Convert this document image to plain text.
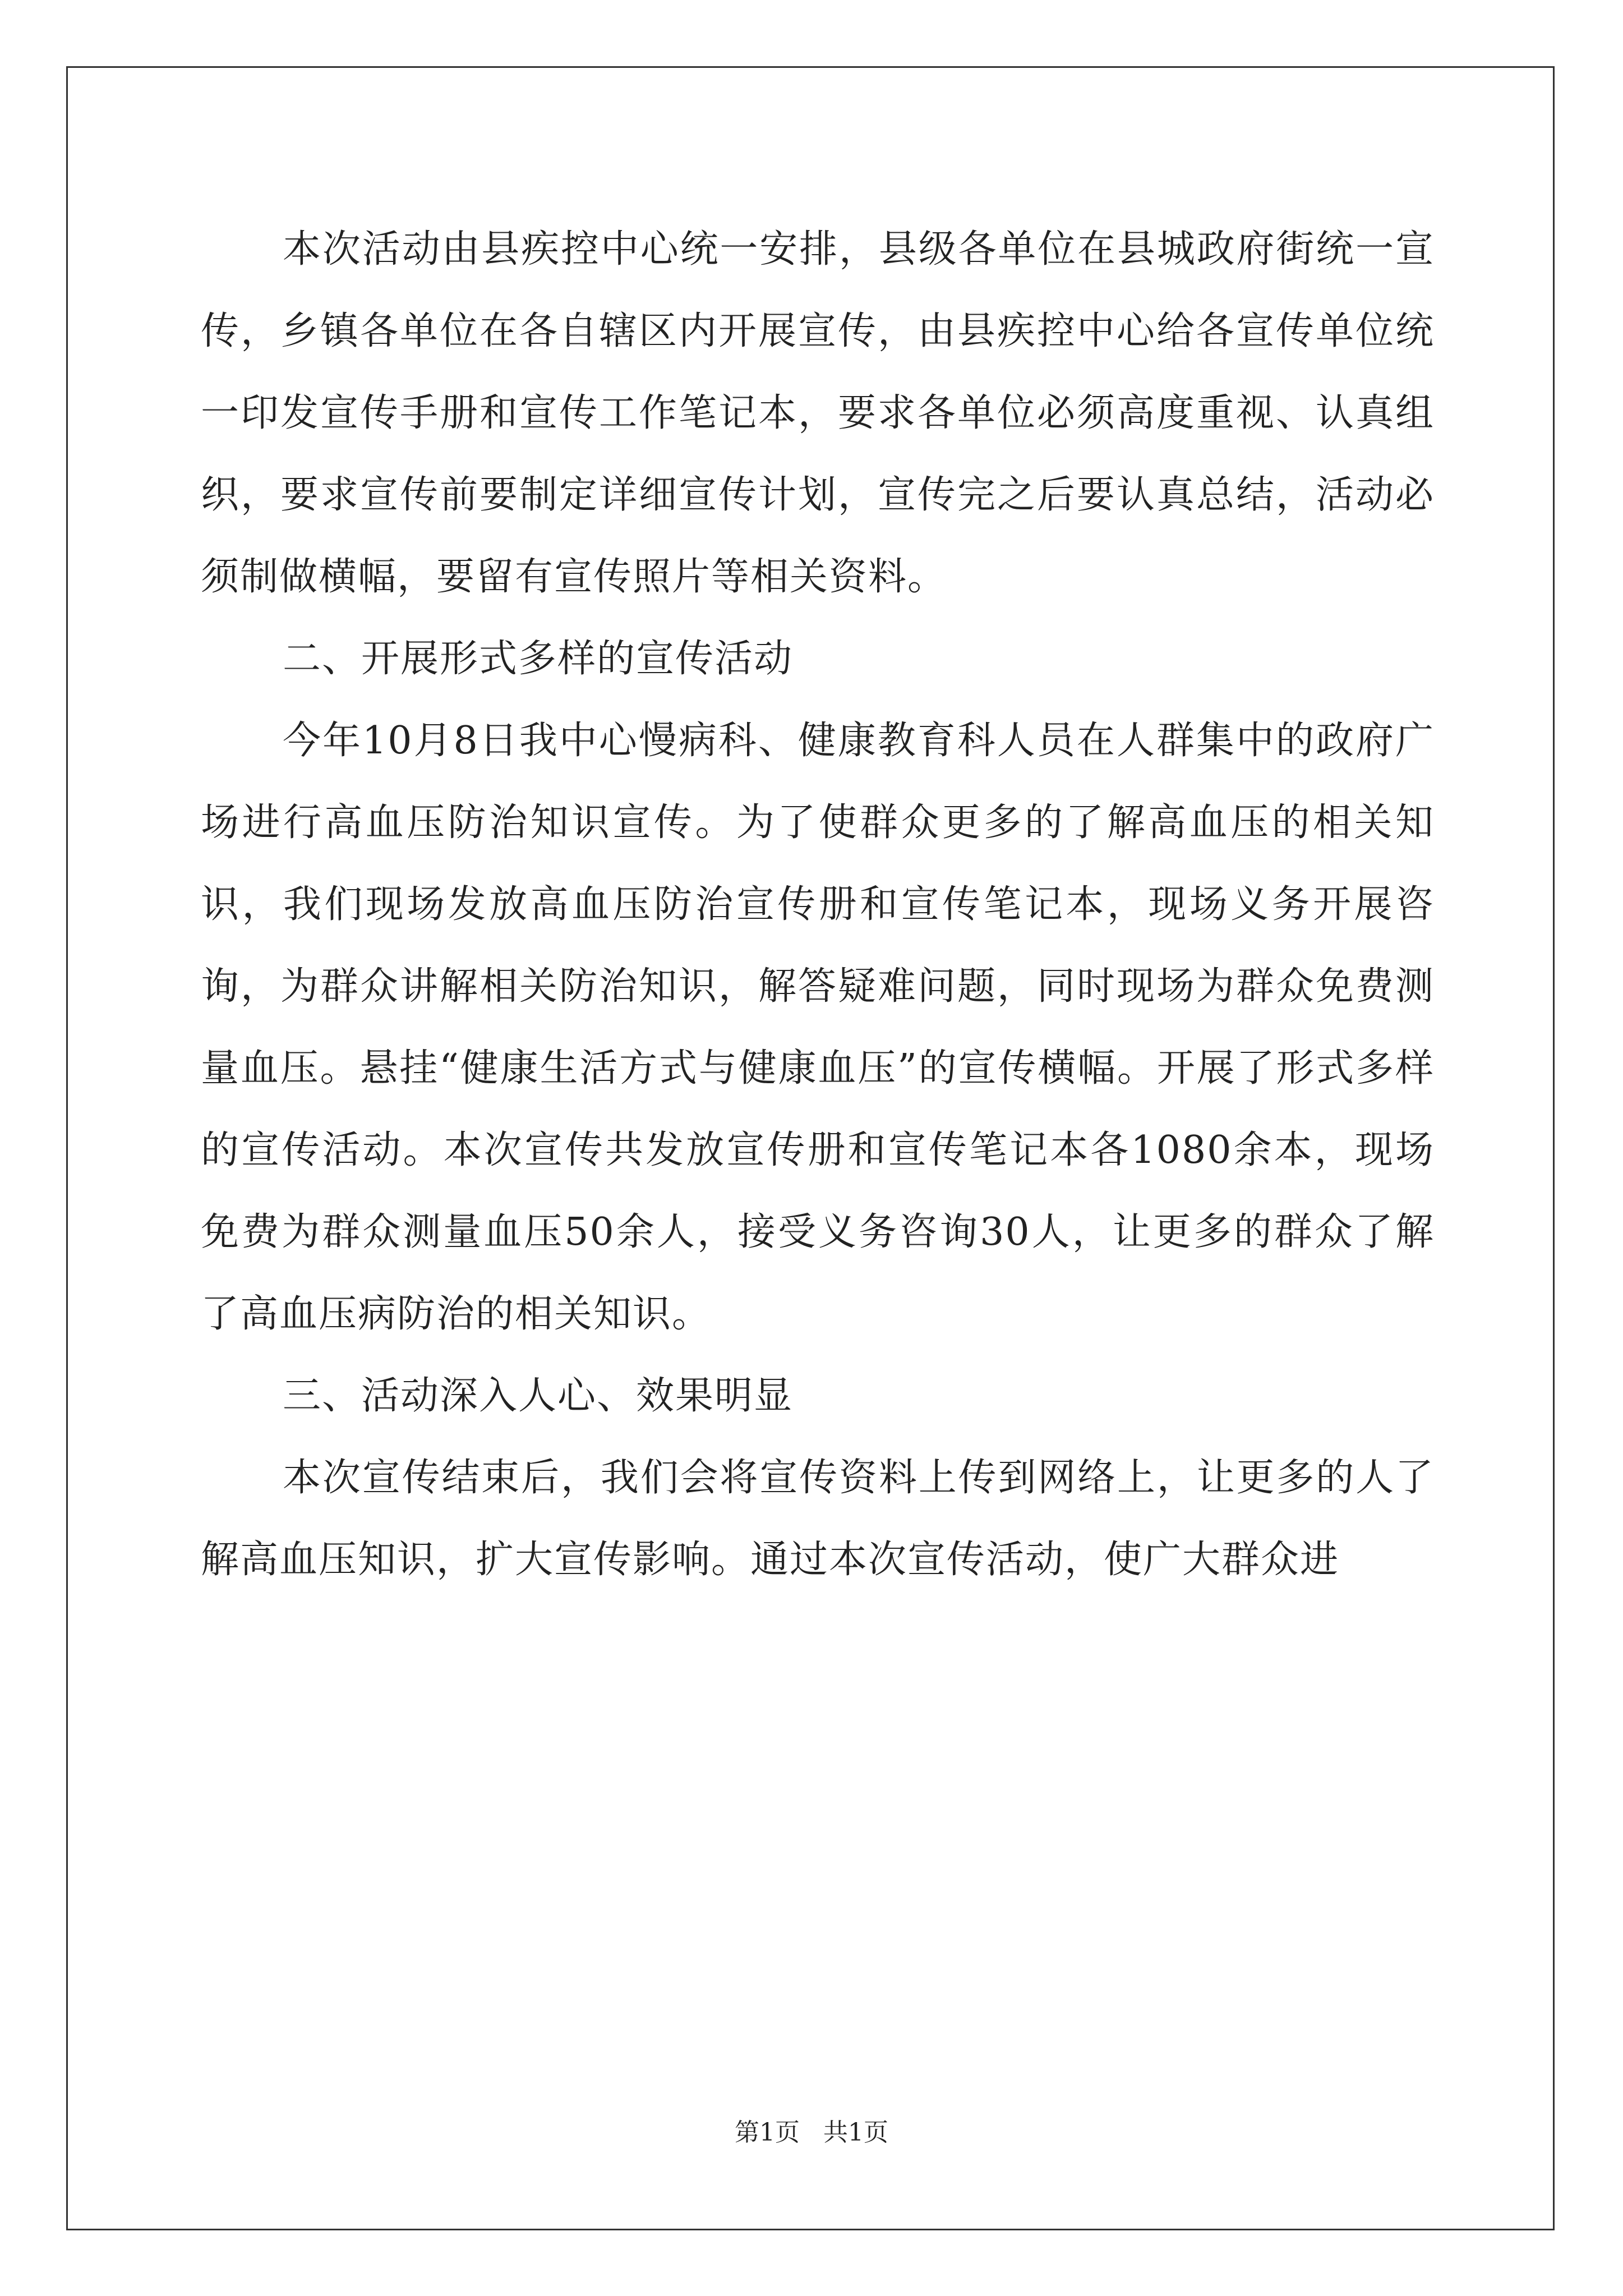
本次活动由县疾控中心统一安排，县级各单位在县城政府街统一宣传，乡镇各单位在各自辖区内开展宣传，由县疾控中心给各宣传单位统一印发宣传手册和宣传工作笔记本，要求各单位必须高度重视、认真组织，要求宣传前要制定详细宣传计划，宣传完之后要认真总结，活动必须制做横幅，要留有宣传照片等相关资料。

二、开展形式多样的宣传活动

今年10月8日我中心慢病科、健康教育科人员在人群集中的政府广场进行高血压防治知识宣传。为了使群众更多的了解高血压的相关知识，我们现场发放高血压防治宣传册和宣传笔记本，现场义务开展咨询，为群众讲解相关防治知识，解答疑难问题，同时现场为群众免费测量血压。悬挂“健康生活方式与健康血压”的宣传横幅。开展了形式多样的宣传活动。本次宣传共发放宣传册和宣传笔记本各1080余本，现场免费为群众测量血压50余人，接受义务咨询30人，让更多的群众了解了高血压病防治的相关知识。

三、活动深入人心、效果明显

本次宣传结束后，我们会将宣传资料上传到网络上，让更多的人了解高血压知识，扩大宣传影响。通过本次宣传活动，使广大群众进

第1页   共1页
